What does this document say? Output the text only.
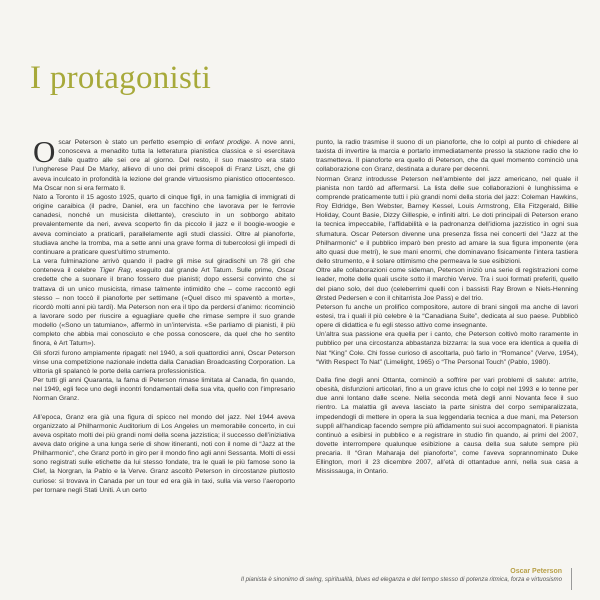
I protagonisti

Oscar Peterson è stato un perfetto esempio di enfant prodige. A nove anni, conosceva a menadito tutta la letteratura pianistica classica e si esercitava dalle quattro alle sei ore al giorno. Del resto, il suo maestro era stato l’ungherese Paul De Marky, allievo di uno dei primi discepoli di Franz Liszt, che gli aveva inculcato in profondità la lezione del grande virtuosismo pianistico ottocentesco. Ma Oscar non si era fermato lì.

Nato a Toronto il 15 agosto 1925, quarto di cinque figli, in una famiglia di immigrati di origine caraibica (il padre, Daniel, era un facchino che lavorava per le ferrovie canadesi, nonché un musicista dilettante), cresciuto in un sobborgo abitato prevalentemente da neri, aveva scoperto fin da piccolo il jazz e il boogie-woogie e aveva cominciato a praticarli, parallelamente agli studi classici. Oltre al pianoforte, studiava anche la tromba, ma a sette anni una grave forma di tubercolosi gli impedì di continuare a praticare quest’ultimo strumento.

La vera fulminazione arrivò quando il padre gli mise sul giradischi un 78 giri che conteneva il celebre Tiger Rag, eseguito dal grande Art Tatum. Sulle prime, Oscar credette che a suonare il brano fossero due pianisti; dopo essersi convinto che si trattava di un unico musicista, rimase talmente intimidito che – come raccontò egli stesso – non toccò il pianoforte per settimane («Quel disco mi spaventò a morte», ricordò molti anni più tardi). Ma Peterson non era il tipo da perdersi d’animo: ricominciò a lavorare sodo per riuscire a eguagliare quelle che rimase sempre il suo grande modello («Sono un tatumiano», affermò in un’intervista. «Se parliamo di pianisti, il più completo che abbia mai conosciuto e che possa conoscere, da quel che ho sentito finora, è Art Tatum»).

Gli sforzi furono ampiamente ripagati: nel 1940, a soli quattordici anni, Oscar Peterson vinse una competizione nazionale indetta dalla Canadian Broadcasting Corporation. La vittoria gli spalancò le porte della carriera professionistica.

Per tutti gli anni Quaranta, la fama di Peterson rimase limitata al Canada, fin quando, nel 1949, egli fece uno degli incontri fondamentali della sua vita, quello con l’impresario Norman Granz.

All’epoca, Granz era già una figura di spicco nel mondo del jazz. Nel 1944 aveva organizzato al Philharmonic Auditorium di Los Angeles un memorabile concerto, in cui aveva ospitato molti dei più grandi nomi della scena jazzistica; il successo dell’iniziativa aveva dato origine a una lunga serie di show itineranti, noti con il nome di “Jazz at the Philharmonic”, che Granz portò in giro per il mondo fino agli anni Sessanta. Molti di essi sono registrati sulle etichette da lui stesso fondate, tra le quali le più famose sono la Clef, la Norgran, la Pablo e la Verve. Granz ascoltò Peterson in circostanze piuttosto curiose: si trovava in Canada per un tour ed era già in taxi, sulla via verso l’aeroporto per tornare negli Stati Uniti. A un certo

punto, la radio trasmise il suono di un pianoforte, che lo colpì al punto di chiedere al taxista di invertire la marcia e portarlo immediatamente presso la stazione radio che lo trasmetteva. Il pianoforte era quello di Peterson, che da quel momento cominciò una collaborazione con Granz, destinata a durare per decenni.

Norman Granz introdusse Peterson nell’ambiente del jazz americano, nel quale il pianista non tardò ad affermarsi. La lista delle sue collaborazioni è lunghissima e comprende praticamente tutti i più grandi nomi della storia del jazz: Coleman Hawkins, Roy Eldridge, Ben Webster, Barney Kessel, Louis Armstrong, Ella Fitzgerald, Billie Holiday, Count Basie, Dizzy Gillespie, e infiniti altri. Le doti principali di Peterson erano la tecnica impeccabile, l’affidabilità e la padronanza dell’idioma jazzistico in ogni sua sfumatura. Oscar Peterson divenne una presenza fissa nei concerti del “Jazz at the Philharmonic” e il pubblico imparò ben presto ad amare la sua figura imponente (era alto quasi due metri), le sue mani enormi, che dominavano fisicamente l’intera tastiera dello strumento, e il solare ottimismo che permeava le sue esibizioni.

Oltre alle collaborazioni come sideman, Peterson iniziò una serie di registrazioni come leader, molte delle quali uscite sotto il marchio Verve. Tra i suoi formati preferiti, quello del piano solo, del duo (celeberrimi quelli con i bassisti Ray Brown e Niels-Henning Ørsted Pedersen e con il chitarrista Joe Pass) e del trio.

Peterson fu anche un prolifico compositore, autore di brani singoli ma anche di lavori estesi, tra i quali il più celebre è la “Canadiana Suite”, dedicata al suo paese. Pubblicò opere di didattica e fu egli stesso attivo come insegnante.

Un’altra sua passione era quella per i canto, che Peterson coltivò molto raramente in pubblico per una circostanza abbastanza bizzarra: la sua voce era identica a quella di Nat “King” Cole. Chi fosse curioso di ascoltarla, può farlo in “Romance” (Verve, 1954), “With Respect To Nat” (Limelight, 1965) o “The Personal Touch” (Pablo, 1980).

Dalla fine degli anni Ottanta, cominciò a soffrire per vari problemi di salute: artrite, obesità, disfunzioni articolari, fino a un grave ictus che lo colpì nel 1993 e lo tenne per due anni lontano dalle scene. Nella seconda metà degli anni Novanta fece il suo rientro. La malattia gli aveva lasciato la parte sinistra del corpo semiparalizzata, impedendogli di mettere in opera la sua leggendaria tecnica a due mani, ma Peterson supplì all’handicap facendo sempre più affidamento sui suoi accompagnatori. Il pianista continuò a esibirsi in pubblico e a registrare in studio fin quando, ai primi del 2007, dovette interrompere qualunque esibizione a causa della sua salute sempre più precaria. Il “Gran Maharaja del pianoforte”, come l’aveva soprannominato Duke Ellington, morì il 23 dicembre 2007, all’età di ottantadue anni, nella sua casa a Mississauga, in Ontario.

Oscar Peterson
Il pianista è sinonimo di swing, spiritualità, blues ed eleganza e del tempo stesso di potenza ritmica, forza e virtuosismo
